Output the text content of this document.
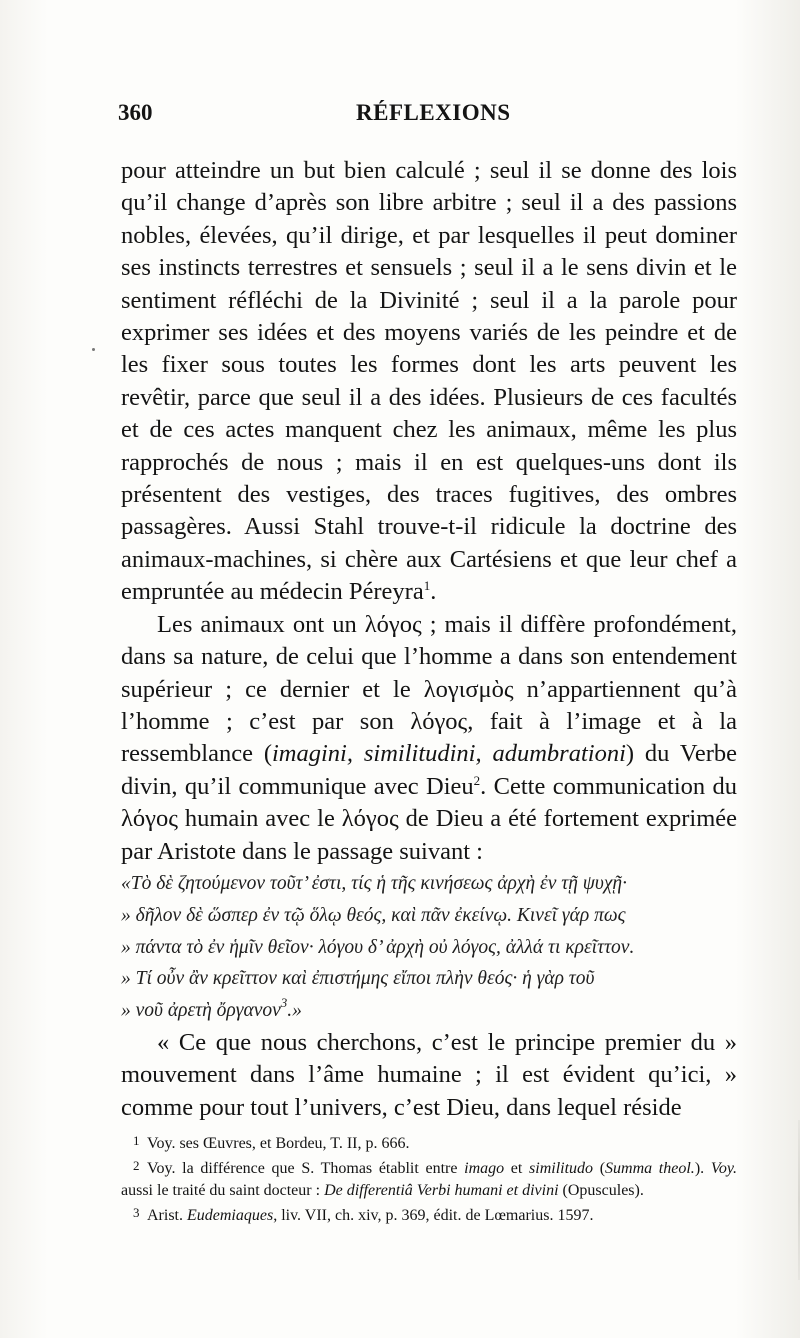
360	RÉFLEXIONS

pour atteindre un but bien calculé ; seul il se donne des lois qu’il change d’après son libre arbitre ; seul il a des passions nobles, élevées, qu’il dirige, et par lesquelles il peut dominer ses instincts terrestres et sensuels ; seul il a le sens divin et le sentiment réfléchi de la Divinité ; seul il a la parole pour exprimer ses idées et des moyens variés de les peindre et de les fixer sous toutes les formes dont les arts peuvent les revêtir, parce que seul il a des idées. Plusieurs de ces facultés et de ces actes manquent chez les animaux, même les plus rapprochés de nous ; mais il en est quelques-uns dont ils présentent des vestiges, des traces fugitives, des ombres passagères. Aussi Stahl trouve-t-il ridicule la doctrine des animaux-machines, si chère aux Cartésiens et que leur chef a empruntée au médecin Péreyra$^1$.

Les animaux ont un λόγος ; mais il diffère profondément, dans sa nature, de celui que l’homme a dans son entendement supérieur ; ce dernier et le λογισμὸς n’appartiennent qu’à l’homme ; c’est par son λόγος, fait à l’image et à la ressemblance (imagini, similitudini, adumbrationi) du Verbe divin, qu’il communique avec Dieu$^2$. Cette communication du λόγος humain avec le λόγος de Dieu a été fortement exprimée par Aristote dans le passage suivant :

«Τὸ δὲ ζητούμενον τοῦτ’ ἐστι, τίς ἡ τῆς κινήσεως ἀρχὴ ἐν τῇ ψυχῇ·
» δῆλον δὲ ὥσπερ ἐν τῷ ὅλῳ θεός, καὶ πᾶν ἐκείνῳ. Κινεῖ γάρ πως
» πάντα τὸ ἐν ἡμῖν θεῖον· λόγου δ’ ἀρχὴ οὐ λόγος, ἀλλά τι κρεῖττον.
» Τί οὖν ἂν κρεῖττον καὶ ἐπιστήμης εἴποι πλὴν θεός· ἡ γὰρ τοῦ
» νοῦ ἀρετὴ ὄργανον$^3$.»

« Ce que nous cherchons, c’est le principe premier du » mouvement dans l’âme humaine ; il est évident qu’ici, » comme pour tout l’univers, c’est Dieu, dans lequel réside

1 Voy. ses Œuvres, et Bordeu, T. II, p. 666.

2 Voy. la différence que S. Thomas établit entre imago et similitudo (Summa theol.). Voy. aussi le traité du saint docteur : De differentiâ Verbi humani et divini (Opuscules).

3 Arist. Eudemiaques, liv. VII, ch. xiv, p. 369, édit. de Lœmarius. 1597.
